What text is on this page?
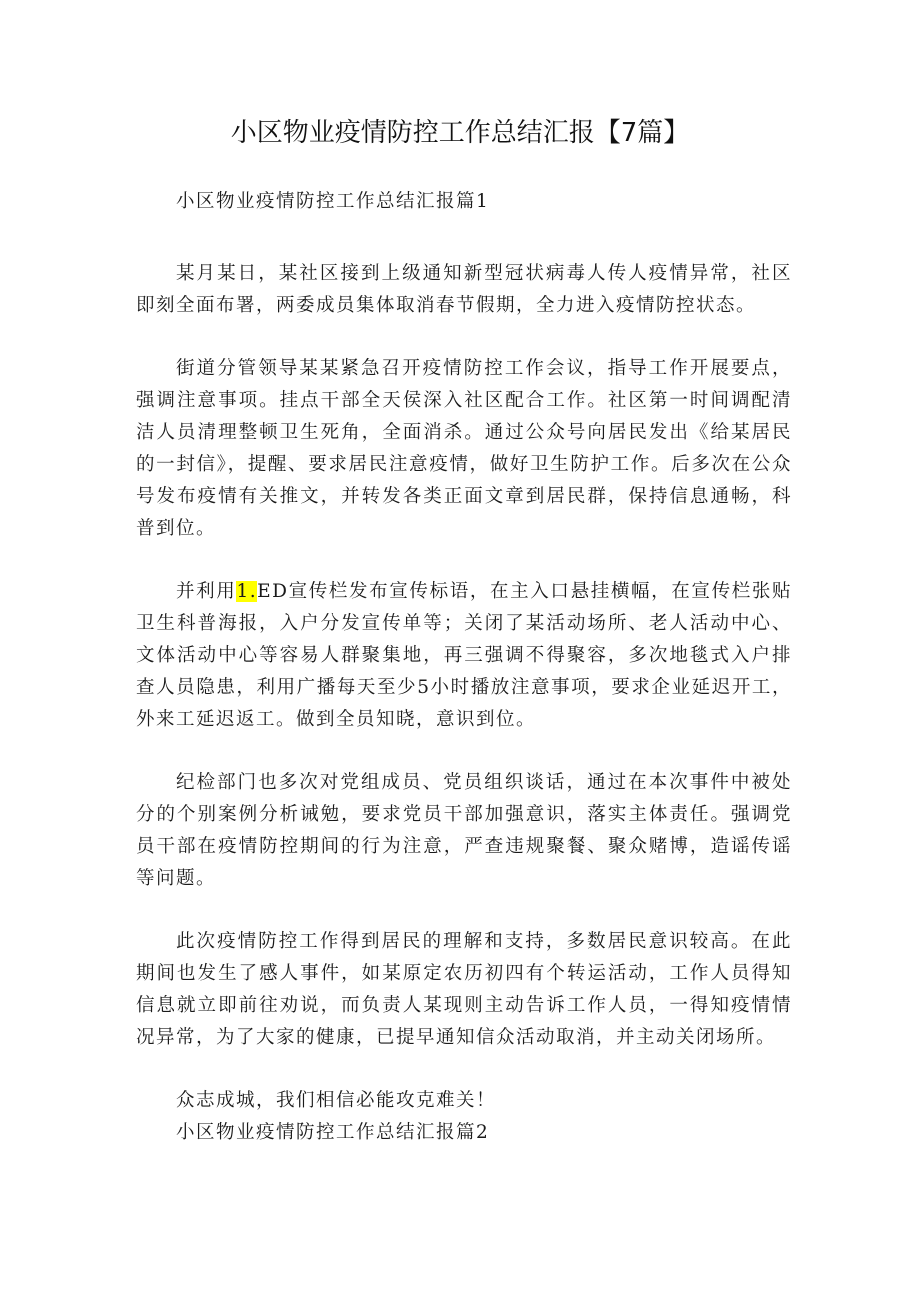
小区物业疫情防控工作总结汇报【7篇】

小区物业疫情防控工作总结汇报篇1

某月某日，某社区接到上级通知新型冠状病毒人传人疫情异常，社区即刻全面布署，两委成员集体取消春节假期，全力进入疫情防控状态。

街道分管领导某某紧急召开疫情防控工作会议，指导工作开展要点，强调注意事项。挂点干部全天侯深入社区配合工作。社区第一时间调配清洁人员清理整顿卫生死角，全面消杀。通过公众号向居民发出《给某居民的一封信》，提醒、要求居民注意疫情，做好卫生防护工作。后多次在公众号发布疫情有关推文，并转发各类正面文章到居民群，保持信息通畅，科普到位。

并利用1.ED宣传栏发布宣传标语，在主入口悬挂横幅，在宣传栏张贴卫生科普海报，入户分发宣传单等；关闭了某活动场所、老人活动中心、文体活动中心等容易人群聚集地，再三强调不得聚容，多次地毯式入户排查人员隐患，利用广播每天至少5小时播放注意事项，要求企业延迟开工，外来工延迟返工。做到全员知晓，意识到位。

纪检部门也多次对党组成员、党员组织谈话，通过在本次事件中被处分的个别案例分析诫勉，要求党员干部加强意识，落实主体责任。强调党员干部在疫情防控期间的行为注意，严查违规聚餐、聚众赌博，造谣传谣等问题。

此次疫情防控工作得到居民的理解和支持，多数居民意识较高。在此期间也发生了感人事件，如某原定农历初四有个转运活动，工作人员得知信息就立即前往劝说，而负责人某现则主动告诉工作人员，一得知疫情情况异常，为了大家的健康，已提早通知信众活动取消，并主动关闭场所。

众志成城，我们相信必能攻克难关！

小区物业疫情防控工作总结汇报篇2
